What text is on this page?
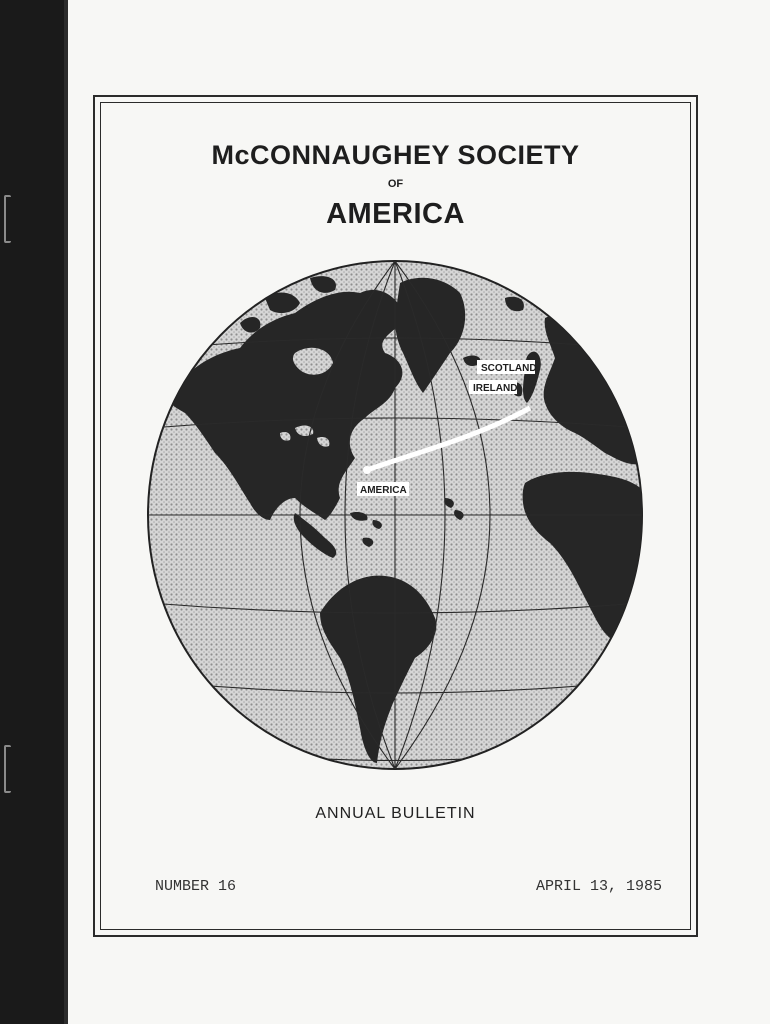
McCONNAUGHEY SOCIETY

OF

AMERICA
SCOTLAND
IRELAND
AMERICA

ANNUAL BULLETIN

NUMBER 16	APRIL 13, 1985
